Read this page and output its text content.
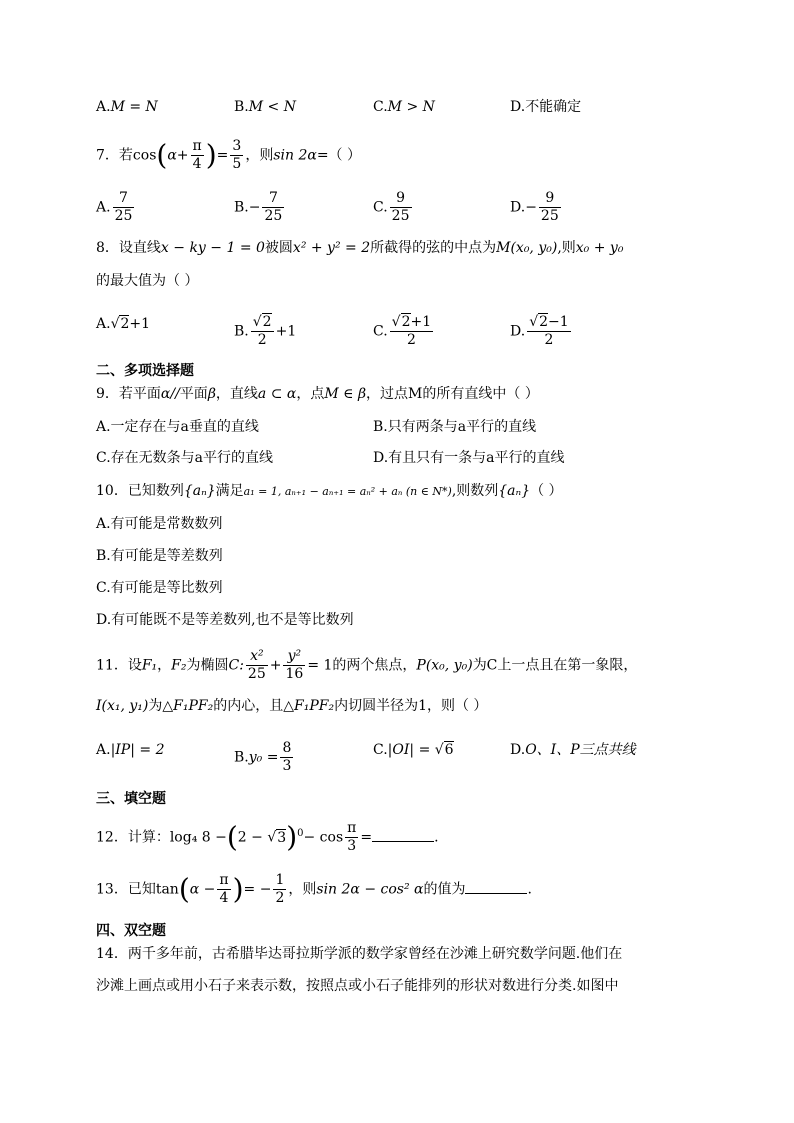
A.M = N	B.M < N	C.M > N	D.不能确定
7．若$\cos(\alpha+ \frac{\pi}{4}$ )= $\frac{3}{5}$ ，则sin 2α=（ ）
A. $\frac{7}{25}$	$B.- \frac{7}{25}$	C. $\frac{9}{25}$	$D.- \frac{9}{25}$
8．设直线x − ky − 1 = 0被圆x² + y² = 2所截得的弦的中点为M(x₀, y₀),则x₀ + y₀
的最大值为（ ）
A.√2+1	B. $\frac{√2}{2} +1$	C. $\frac{√2+1}{2}$	D. $\frac{√2-1}{2}$
二、多项选择题
9．若平面α//平面β，直线a ⊂ α，点M ∈ β，过点M的所有直线中（ ）
A.一定存在与a垂直的直线	B.只有两条与a平行的直线
C.存在无数条与a平行的直线	D.有且只有一条与a平行的直线
10．已知数列{aₙ}满足a₁ = 1, aₙ₊₁ − aₙ₊₁ = aₙ² + aₙ (n ∈ N*),则数列{aₙ}（ ）
A.有可能是常数数列
B.有可能是等差数列
C.有可能是等比数列
D.有可能既不是等差数列,也不是等比数列
11．设F₁，F₂为椭圆C: $\frac{\text{x²}}{25} + \frac{\text{y²}}{16} = 1$的两个焦点，P(x₀, y₀)为C上一点且在第一象限，
I(x₁, y₁)为△F₁PF₂的内心，且△F₁PF₂内切圆半径为1，则（ ）
A.|IP| = 2	$B.y_0 = \frac{8}{3}$	C.|OI| = √6	D.O、I、P三点共线
三、填空题
12．计算：log₄ $8 -(2 - √3)^0- \cos \frac{\pi}{3}$ =	.
13．已知$\tan(\alpha - \frac{\pi}{4}$ )= − $\frac{1}{2}$ ，则sin 2α − cos² α的值为	.
四、双空题
14．两千多年前，古希腊毕达哥拉斯学派的数学家曾经在沙滩上研究数学问题.他们在
沙滩上画点或用小石子来表示数，按照点或小石子能排列的形状对数进行分类.如图中
